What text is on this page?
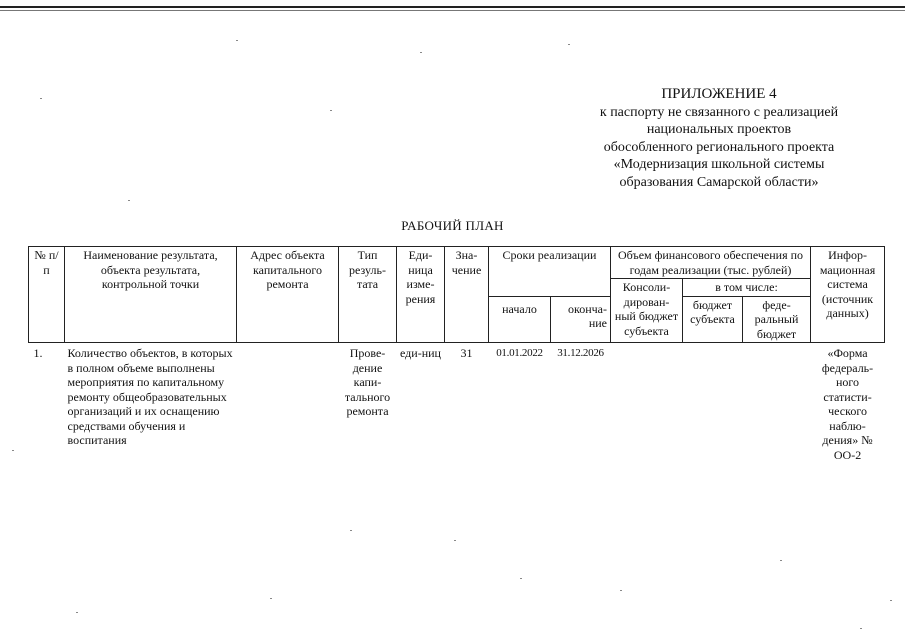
ПРИЛОЖЕНИЕ 4
к паспорту не связанного с реализацией
национальных проектов
обособленного регионального проекта
«Модернизация школьной системы
образования Самарской области»
РАБОЧИЙ ПЛАН
№ п/п	Наименование результата, объекта результата, контрольной точки	Адрес объекта капитального ремонта	Тип резуль-тата	Еди-ница изме-рения	Зна-чение	Сроки реализации		Объем финансового обеспечения по годам реализации (тыс. рублей)			Инфор-мационная система (источник данных)
								Консоли-дирован-ный бюджет субъекта	в том числе:		
						начало	оконча-ние		бюджет субъекта	феде-ральный бюджет	
1.	Количество объектов, в которых в полном объеме выполнены мероприятия по капитальному ремонту общеобразовательных организаций и их оснащению средствами обучения и воспитания		Прове-дение капи-тального ремонта	еди-ниц	31	01.01.2022	31.12.2026				«Форма федераль-ного статисти-ческого наблю-дения» № ОО-2
